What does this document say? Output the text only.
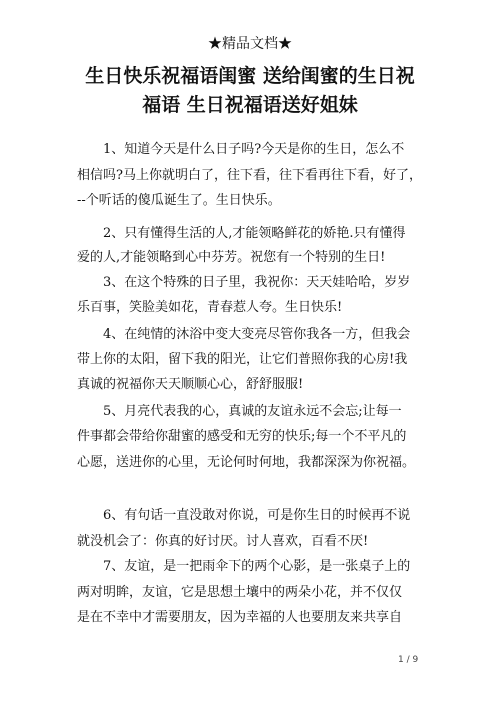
★精品文档★
生日快乐祝福语闺蜜 送给闺蜜的生日祝
福语 生日祝福语送好姐妹
1、知道今天是什么日子吗?今天是你的生日，怎么不
相信吗?马上你就明白了，往下看，往下看再往下看，好了，
--个听话的傻瓜诞生了。生日快乐。
2、只有懂得生活的人,才能领略鲜花的娇艳.只有懂得
爱的人,才能领略到心中芬芳。祝您有一个特别的生日!
3、在这个特殊的日子里，我祝你：天天娃哈哈，岁岁
乐百事，笑脸美如花，青春惹人夸。生日快乐!
4、在纯情的沐浴中变大变亮尽管你我各一方，但我会
带上你的太阳，留下我的阳光，让它们普照你我的心房!我
真诚的祝福你天天顺顺心心，舒舒服服!
5、月亮代表我的心，真诚的友谊永远不会忘;让每一
件事都会带给你甜蜜的感受和无穷的快乐;每一个不平凡的
心愿，送进你的心里，无论何时何地，我都深深为你祝福。
6、有句话一直没敢对你说，可是你生日的时候再不说
就没机会了：你真的好讨厌。讨人喜欢，百看不厌!
7、友谊，是一把雨伞下的两个心影，是一张桌子上的
两对明眸，友谊，它是思想土壤中的两朵小花，并不仅仅
是在不幸中才需要朋友，因为幸福的人也要朋友来共享自
1 / 9
